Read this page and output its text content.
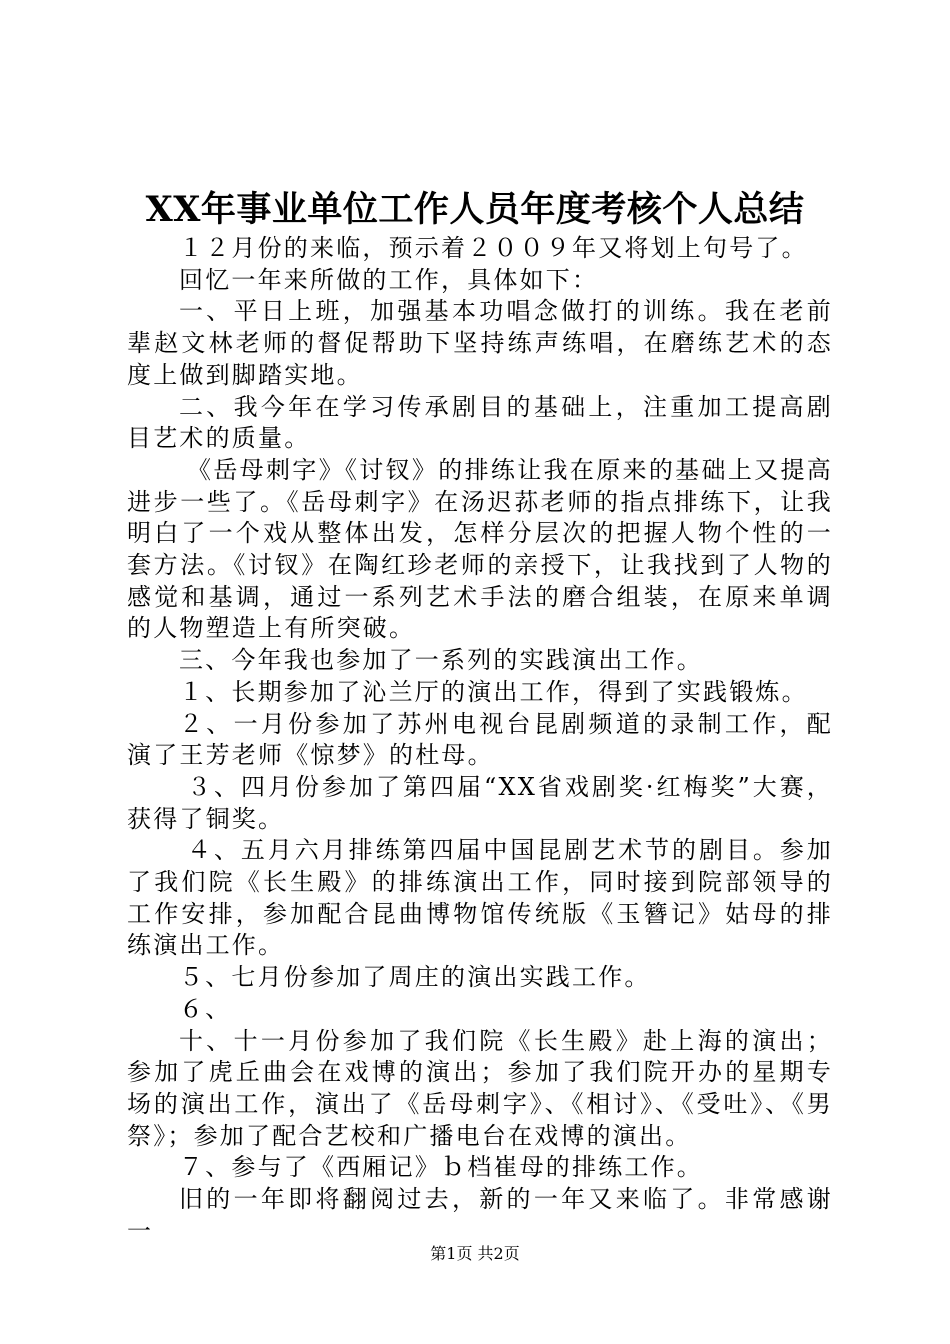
XX年事业单位工作人员年度考核个人总结

１２月份的来临，预示着２００９年又将划上句号了。

回忆一年来所做的工作，具体如下：

一、平日上班，加强基本功唱念做打的训练。我在老前辈赵文林老师的督促帮助下坚持练声练唱，在磨练艺术的态度上做到脚踏实地。

二、我今年在学习传承剧目的基础上，注重加工提高剧目艺术的质量。

《岳母刺字》《讨钗》的排练让我在原来的基础上又提高进步一些了。《岳母刺字》在汤迟荪老师的指点排练下，让我明白了一个戏从整体出发，怎样分层次的把握人物个性的一套方法。《讨钗》在陶红珍老师的亲授下，让我找到了人物的感觉和基调，通过一系列艺术手法的磨合组装，在原来单调的人物塑造上有所突破。

三、今年我也参加了一系列的实践演出工作。

１、长期参加了沁兰厅的演出工作，得到了实践锻炼。

２、一月份参加了苏州电视台昆剧频道的录制工作，配演了王芳老师《惊梦》的杜母。

３、四月份参加了第四届“XX省戏剧奖·红梅奖”大赛，获得了铜奖。

４、五月六月排练第四届中国昆剧艺术节的剧目。参加了我们院《长生殿》的排练演出工作，同时接到院部领导的工作安排，参加配合昆曲博物馆传统版《玉簪记》姑母的排练演出工作。

５、七月份参加了周庄的演出实践工作。

６、

十、十一月份参加了我们院《长生殿》赴上海的演出；参加了虎丘曲会在戏博的演出；参加了我们院开办的星期专场的演出工作，演出了《岳母刺字》、《相讨》、《受吐》、《男祭》；参加了配合艺校和广播电台在戏博的演出。

７、参与了《西厢记》ｂ档崔母的排练工作。

旧的一年即将翻阅过去，新的一年又来临了。非常感谢一

第1页 共2页
